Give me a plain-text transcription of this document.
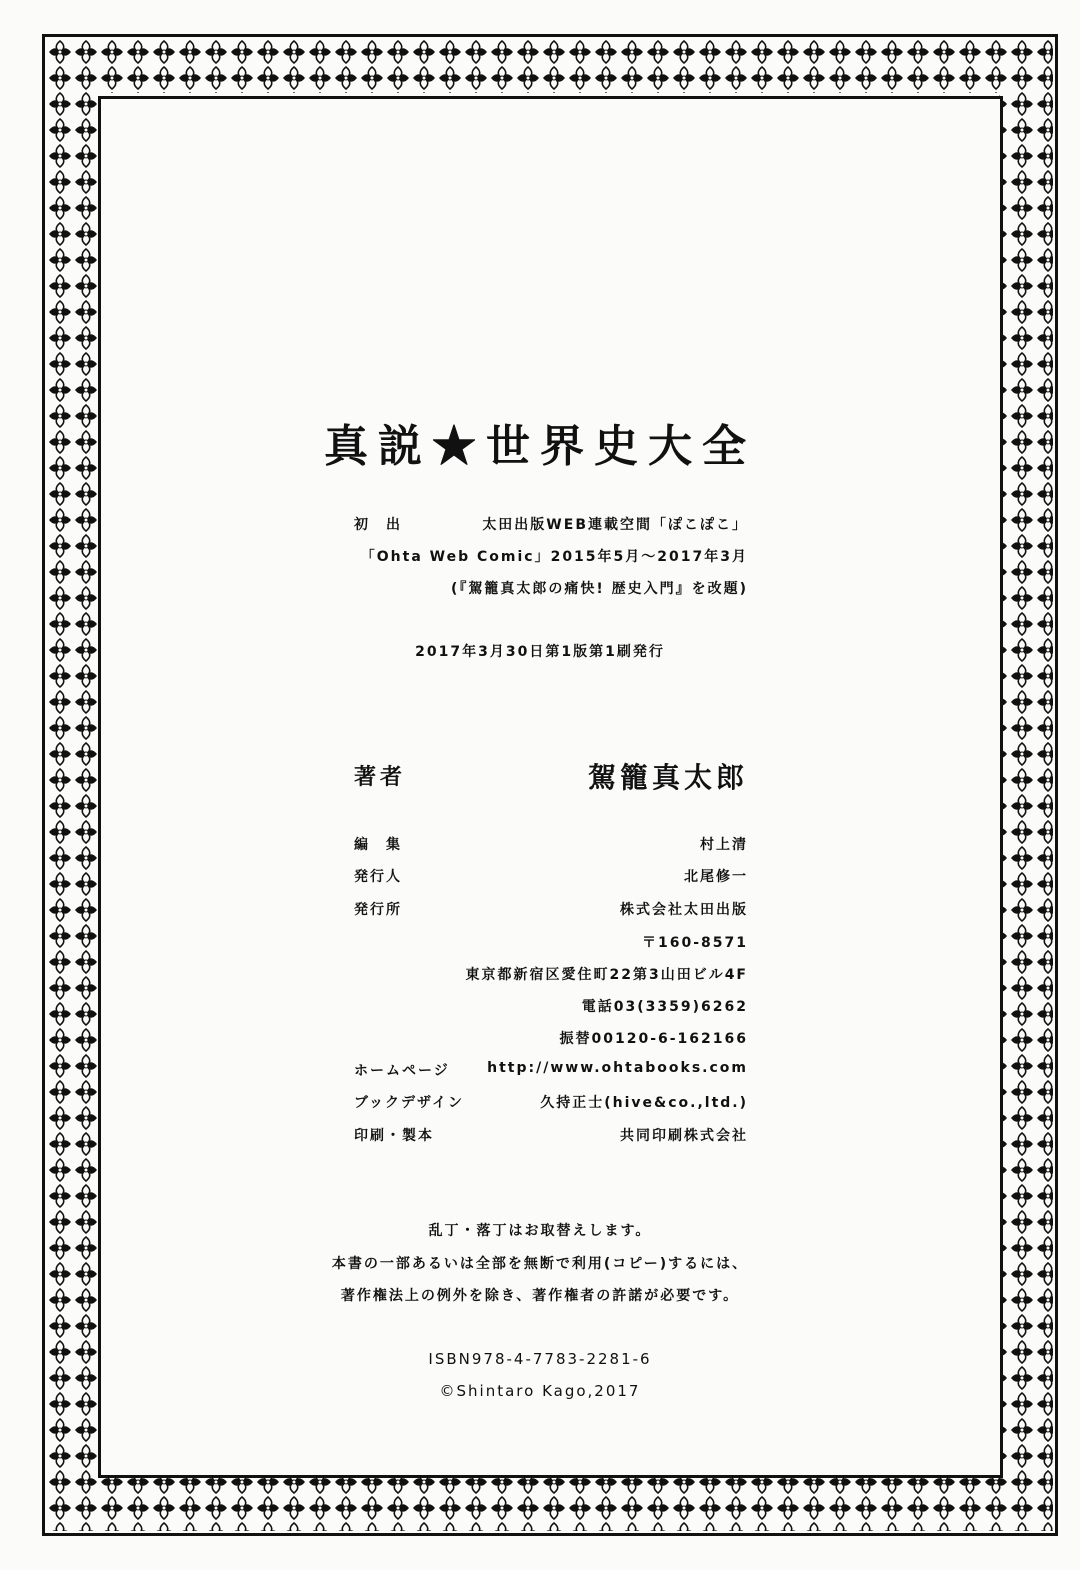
真説★世界史大全
初　出	太田出版WEB連載空間「ぽこぽこ」
「Ohta Web Comic」2015年5月～2017年3月
(『駕籠真太郎の痛快! 歴史入門』を改題)
2017年3月30日第1版第1刷発行
著者	駕籠真太郎
編　集	村上清
発行人	北尾修一
発行所	株式会社太田出版
〒160-8571
東京都新宿区愛住町22第3山田ビル4F
電話03(3359)6262
振替00120-6-162166
ホームページ	http://www.ohtabooks.com
ブックデザイン	久持正士(hive&co.,ltd.)
印刷・製本	共同印刷株式会社
乱丁・落丁はお取替えします。
本書の一部あるいは全部を無断で利用(コピー)するには、
著作権法上の例外を除き、著作権者の許諾が必要です。
ISBN978-4-7783-2281-6
©Shintaro Kago,2017
